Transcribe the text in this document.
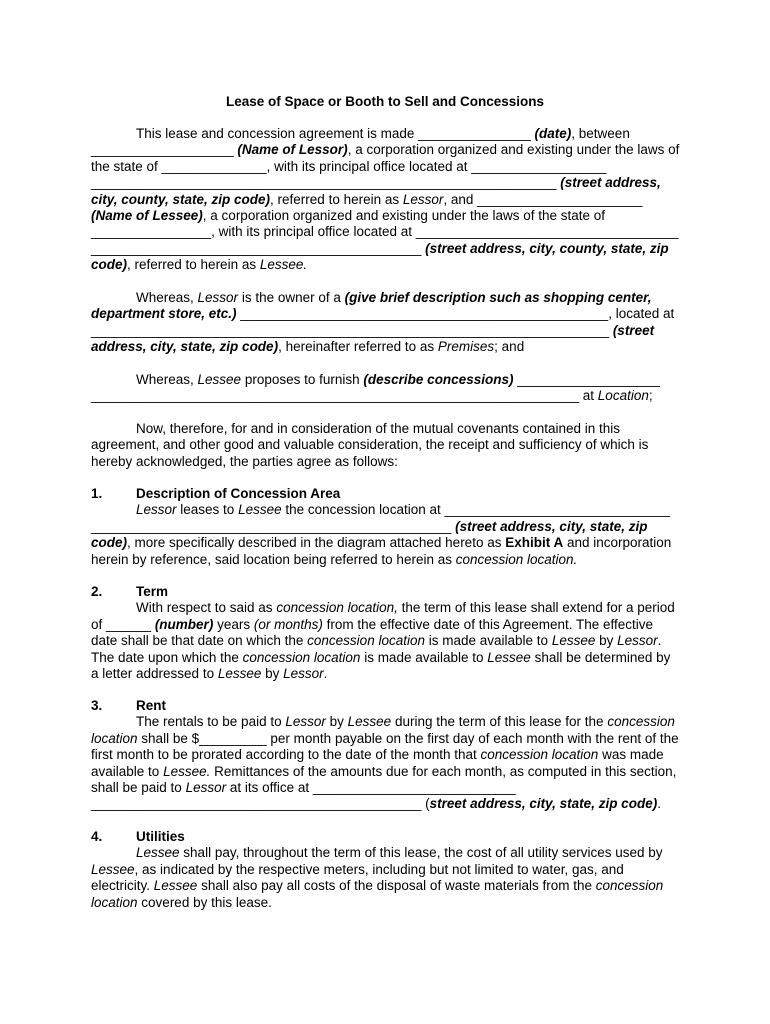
Lease of Space or Booth to Sell and Concessions

This lease and concession agreement is made _______________ (date), between ___________________ (Name of Lessor), a corporation organized and existing under the laws of the state of ______________, with its principal office located at __________________ ______________________________________________________________ (street address, city, county, state, zip code), referred to herein as Lessor, and ______________________ (Name of Lessee), a corporation organized and existing under the laws of the state of ________________, with its principal office located at ___________________________________ ____________________________________________ (street address, city, county, state, zip code), referred to herein as Lessee.

Whereas, Lessor is the owner of a (give brief description such as shopping center, department store, etc.) _________________________________________________, located at _____________________________________________________________________ (street address, city, state, zip code), hereinafter referred to as Premises; and

Whereas, Lessee proposes to furnish (describe concessions) ___________________ _________________________________________________________________ at Location;

Now, therefore, for and in consideration of the mutual covenants contained in this agreement, and other good and valuable consideration, the receipt and sufficiency of which is hereby acknowledged, the parties agree as follows:

1. Description of Concession Area

Lessor leases to Lessee the concession location at ______________________________ ________________________________________________ (street address, city, state, zip code), more specifically described in the diagram attached hereto as Exhibit A and incorporation herein by reference, said location being referred to herein as concession location.

2. Term

With respect to said as concession location, the term of this lease shall extend for a period of ______ (number) years (or months) from the effective date of this Agreement. The effective date shall be that date on which the concession location is made available to Lessee by Lessor. The date upon which the concession location is made available to Lessee shall be determined by a letter addressed to Lessee by Lessor.

3. Rent

The rentals to be paid to Lessor by Lessee during the term of this lease for the concession location shall be $_________ per month payable on the first day of each month with the rent of the first month to be prorated according to the date of the month that concession location was made available to Lessee. Remittances of the amounts due for each month, as computed in this section, shall be paid to Lessor at its office at ___________________________ ____________________________________________ (street address, city, state, zip code).

4. Utilities

Lessee shall pay, throughout the term of this lease, the cost of all utility services used by Lessee, as indicated by the respective meters, including but not limited to water, gas, and electricity. Lessee shall also pay all costs of the disposal of waste materials from the concession location covered by this lease.
